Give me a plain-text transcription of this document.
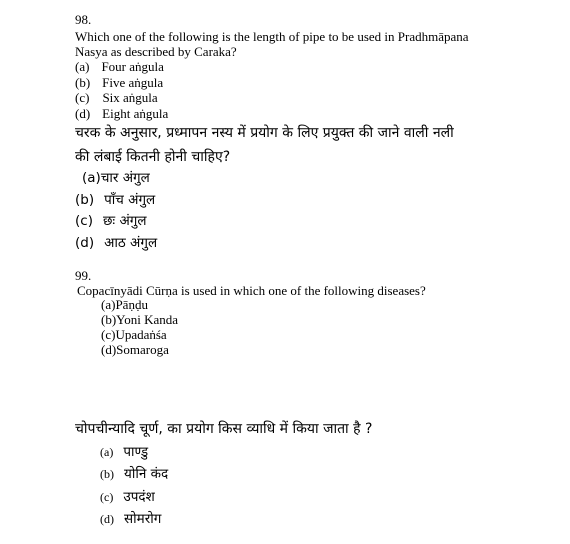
98.
Which one of the following is the length of pipe to be used in Pradhmāpana
Nasya as described by Caraka?
(a) Four aṅgula
(b) Five aṅgula
(c) Six aṅgula
(d) Eight aṅgula
चरक के अनुसार, प्रध्मापन नस्य में प्रयोग के लिए प्रयुक्त की जाने वाली नली
की लंबाई कितनी होनी चाहिए?
(a)चार अंगुल
(b) पाँच अंगुल
(c) छः अंगुल
(d) आठ अंगुल
99.
Copacīnyādi Cūrṇa is used in which one of the following diseases?
(a)Pāṇḍu
(b)Yoni Kanda
(c)Upadaṅśa
(d)Somaroga
चोपचीन्यादि चूर्ण, का प्रयोग किस व्याधि में किया जाता है ?
(a) पाण्डु
(b) योनि कंद
(c) उपदंश
(d) सोमरोग
